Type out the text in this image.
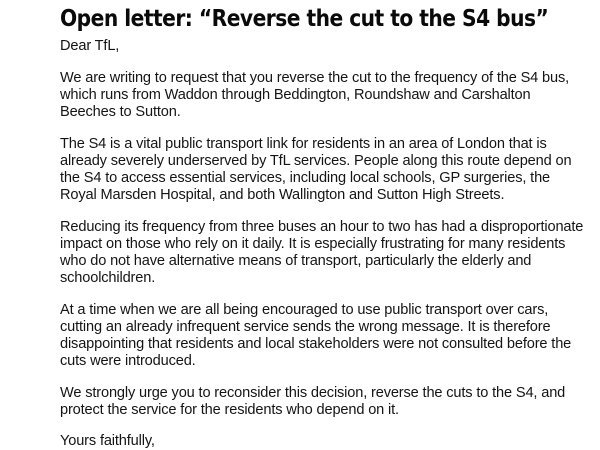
Open letter: “Reverse the cut to the S4 bus”

Dear TfL,

We are writing to request that you reverse the cut to the frequency of the S4 bus, which runs from Waddon through Beddington, Roundshaw and Carshalton Beeches to Sutton.

The S4 is a vital public transport link for residents in an area of London that is already severely underserved by TfL services. People along this route depend on the S4 to access essential services, including local schools, GP surgeries, the Royal Marsden Hospital, and both Wallington and Sutton High Streets.

Reducing its frequency from three buses an hour to two has had a disproportionate impact on those who rely on it daily. It is especially frustrating for many residents who do not have alternative means of transport, particularly the elderly and schoolchildren.

At a time when we are all being encouraged to use public transport over cars, cutting an already infrequent service sends the wrong message. It is therefore disappointing that residents and local stakeholders were not consulted before the cuts were introduced.

We strongly urge you to reconsider this decision, reverse the cuts to the S4, and protect the service for the residents who depend on it.

Yours faithfully,
